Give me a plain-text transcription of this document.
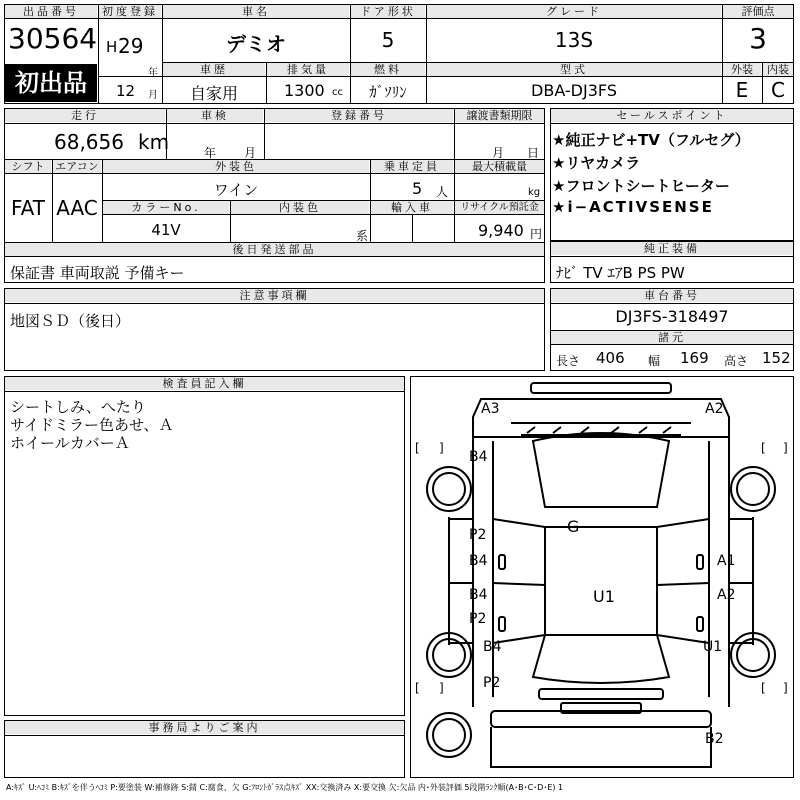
出品番号
30564
初出品
初度登録
H 29
年
12 月
車名
デミオ
ドア形状
5
グレード
13S
評価点
3
車歴
自家用
排気量
1300 cc
燃料
ｶﾞｿﾘﾝ
型式
DBA-DJ3FS
外装	内装
E	C
走行
68,656 km
車検
年 月
登録番号	譲渡書類期限
月 日
シフト
FAT
エアコン
AAC
外装色
ワイン
乗車定員
5 人
最大積載量
kg
カラーNo.
41V
内装色
系
輸入車	リサイクル預託金
9,940 円
後日発送部品
保証書 車両取説 予備キー
セールスポイント
★純正ナビ+TV（フルセグ）
★リヤカメラ
★フロントシートヒーター
★i−ACTIVSENSE
純正装備
ﾅﾋﾞ TV ｴｱB PS PW
注意事項欄
地図ＳＤ（後日）
車台番号
DJ3FS-318497
諸元
長さ 406 幅 169 高さ 152
検査員記入欄
シートしみ、へたり
サイドミラー色あせ、Ａ
ホイールカバーＡ
事務局よりご案内
A3	A2
B4
G
P2
B4	A1
B4	A2
U1
P2
B4	U1
P2
B2
[ ]	[ ]
[ ]	[ ]
A:ｷｽﾞ U:ﾍｺﾐ B:ｷｽﾞを伴うﾍｺﾐ P:要塗装 W:補修跡 S:錆 C:腐食、欠 G:ﾌﾛﾝﾄｶﾞﾗｽ点ｷｽﾞ XX:交換済み X:要交換 欠:欠品 内･外装評価 5段階ﾗﾝｸ順(A･B･C･D･E) 1
